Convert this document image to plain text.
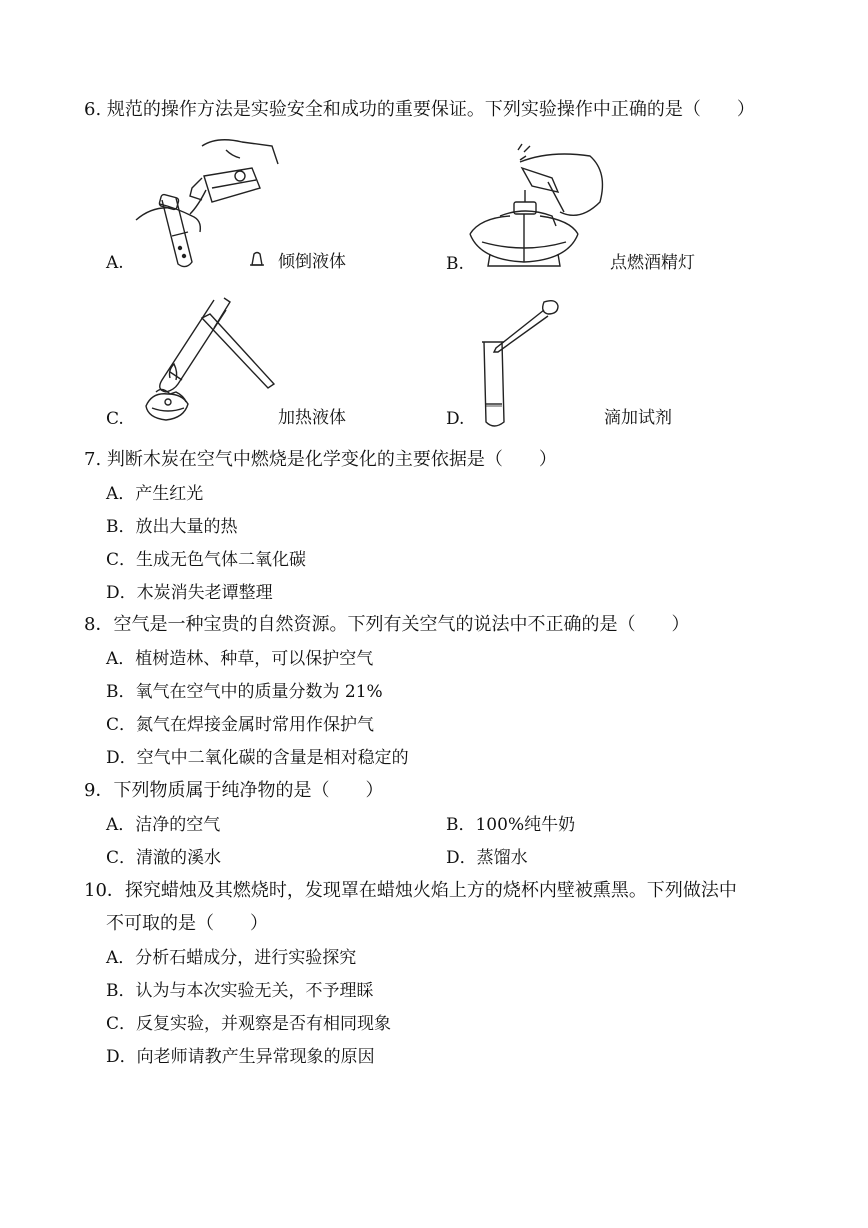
6. 规范的操作方法是实验安全和成功的重要保证。下列实验操作中正确的是（　　）
A.	倾倒液体	B.	点燃酒精灯
C.	加热液体	D.	滴加试剂
7. 判断木炭在空气中燃烧是化学变化的主要依据是（　　）
A．产生红光
B．放出大量的热
C．生成无色气体二氧化碳
D．木炭消失老谭整理
8．空气是一种宝贵的自然资源。下列有关空气的说法中不正确的是（　　）
A．植树造林、种草，可以保护空气
B．氧气在空气中的质量分数为 21%
C．氮气在焊接金属时常用作保护气
D．空气中二氧化碳的含量是相对稳定的
9．下列物质属于纯净物的是（　　）
A．洁净的空气	B．100%纯牛奶
C．清澈的溪水	D．蒸馏水
10．探究蜡烛及其燃烧时，发现罩在蜡烛火焰上方的烧杯内壁被熏黑。下列做法中
不可取的是（　　）
A．分析石蜡成分，进行实验探究
B．认为与本次实验无关，不予理睬
C．反复实验，并观察是否有相同现象
D．向老师请教产生异常现象的原因
